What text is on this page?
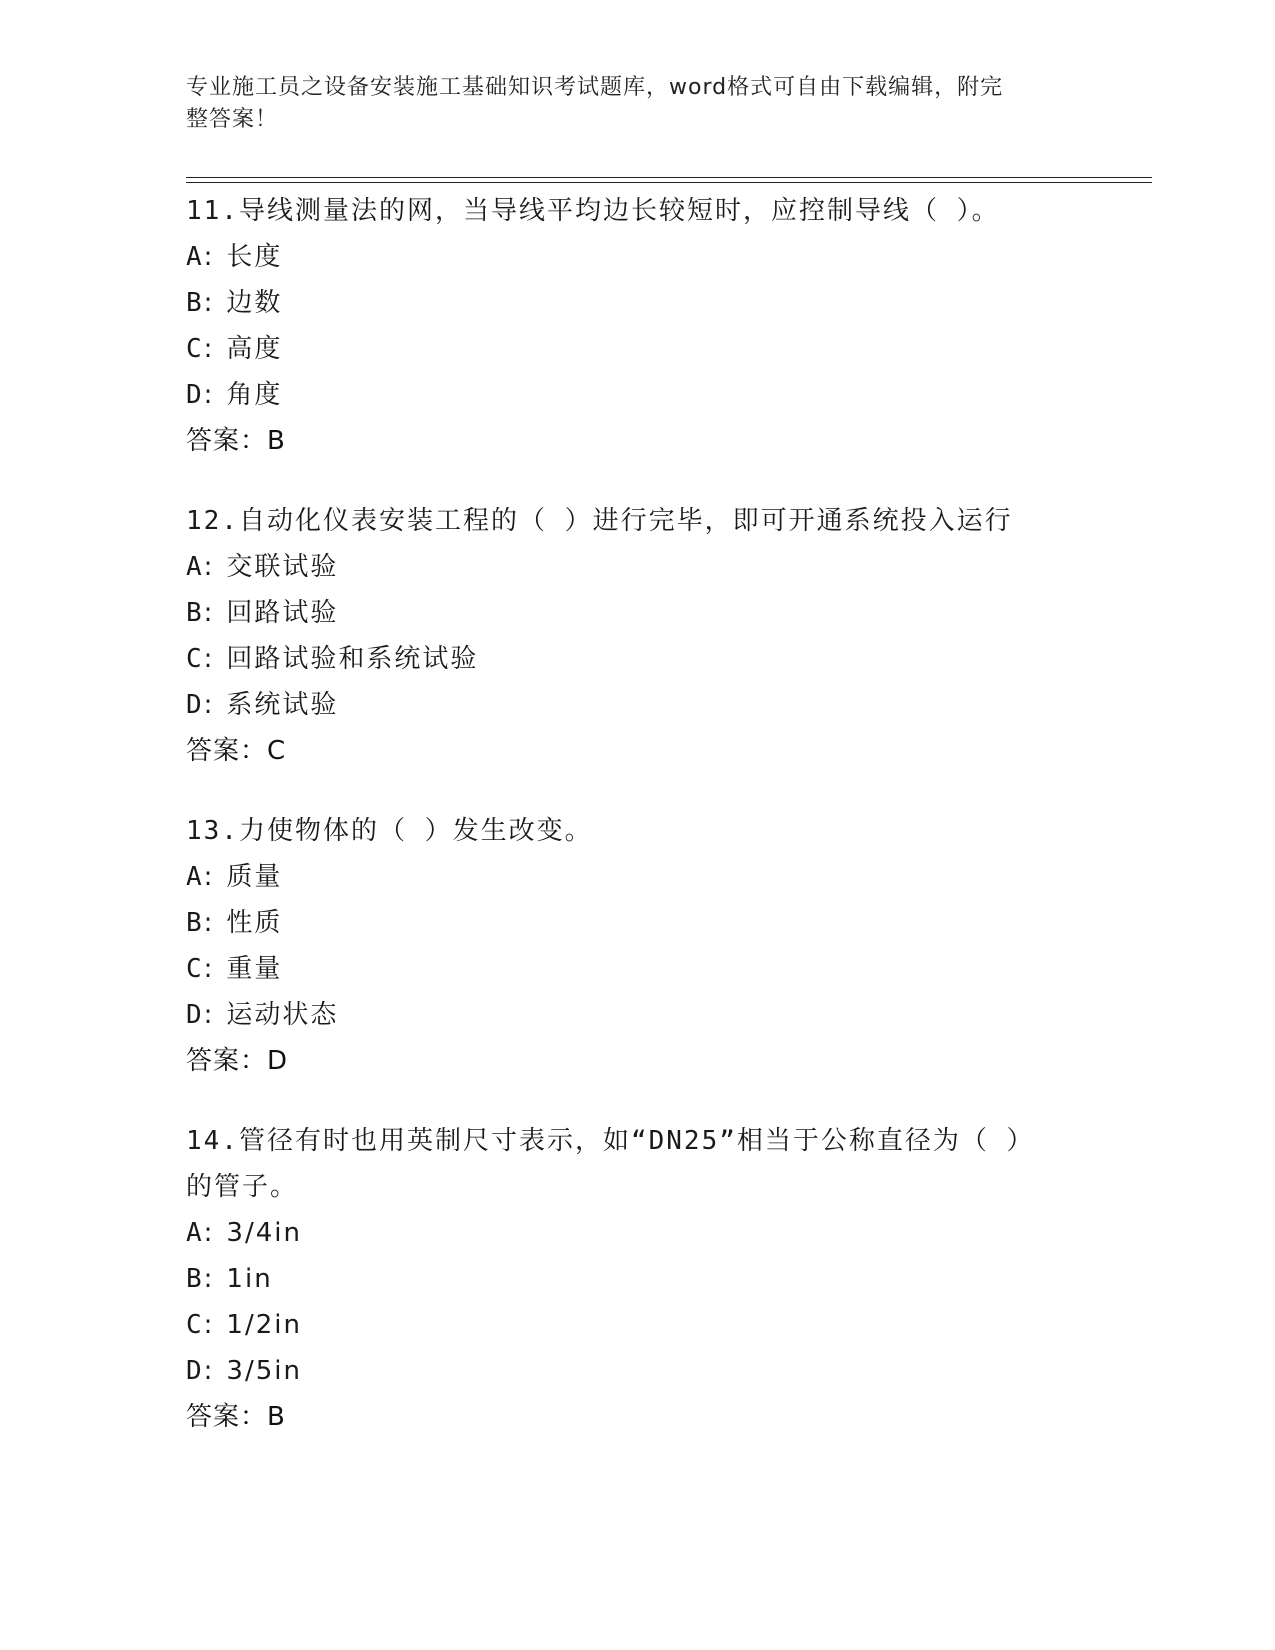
专业施工员之设备安装施工基础知识考试题库，word格式可自由下载编辑，附完
整答案！
11.导线测量法的网，当导线平均边长较短时，应控制导线（ ）。
A: 长度
B: 边数
C: 高度
D: 角度
答案：B
12.自动化仪表安装工程的（ ）进行完毕，即可开通系统投入运行
A: 交联试验
B: 回路试验
C: 回路试验和系统试验
D: 系统试验
答案：C
13.力使物体的（ ）发生改变。
A: 质量
B: 性质
C: 重量
D: 运动状态
答案：D
14.管径有时也用英制尺寸表示，如“DN25”相当于公称直径为（ ）
的管子。
A: 3/4in
B: 1in
C: 1/2in
D: 3/5in
答案：B
